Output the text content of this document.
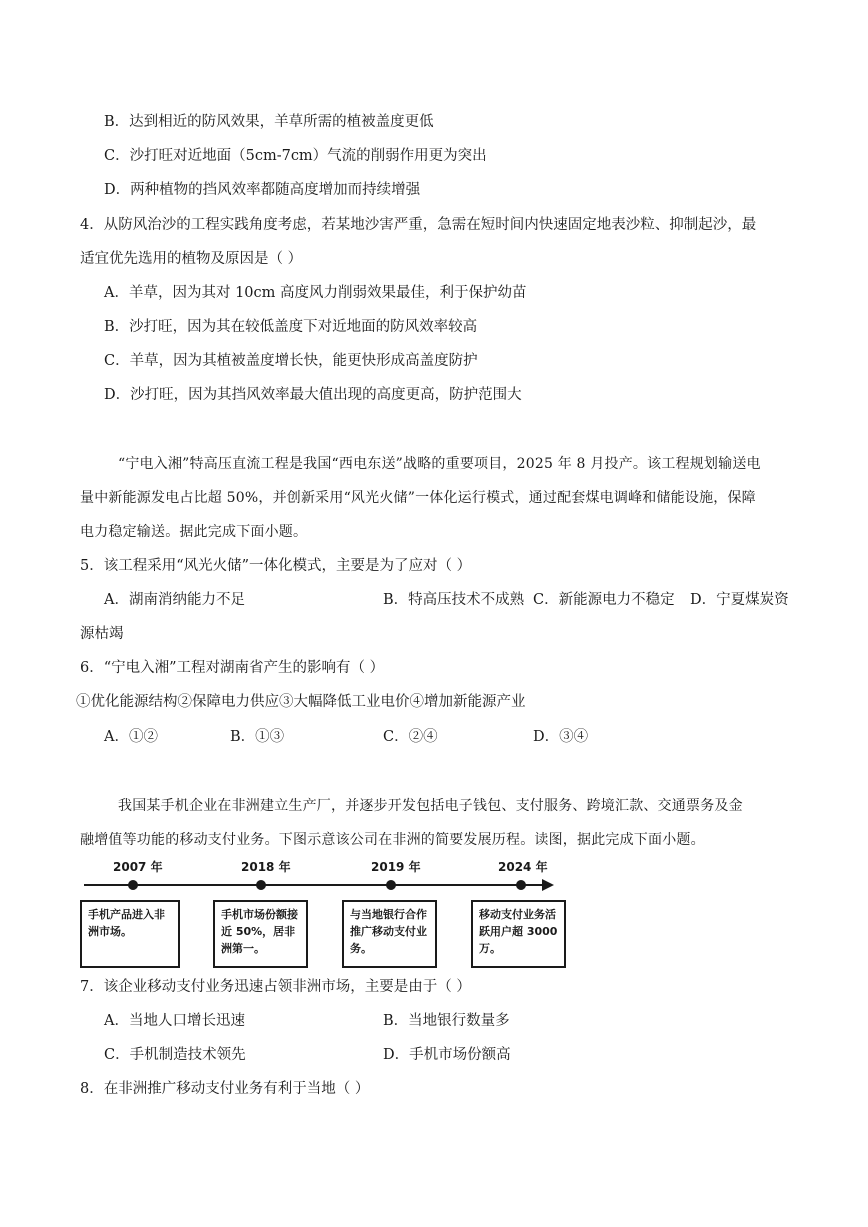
B．达到相近的防风效果，羊草所需的植被盖度更低
C．沙打旺对近地面（5cm-7cm）气流的削弱作用更为突出
D．两种植物的挡风效率都随高度增加而持续增强
4．从防风治沙的工程实践角度考虑，若某地沙害严重，急需在短时间内快速固定地表沙粒、抑制起沙，最
适宜优先选用的植物及原因是（ ）
A．羊草，因为其对 10cm 高度风力削弱效果最佳，利于保护幼苗
B．沙打旺，因为其在较低盖度下对近地面的防风效率较高
C．羊草，因为其植被盖度增长快，能更快形成高盖度防护
D．沙打旺，因为其挡风效率最大值出现的高度更高，防护范围大
“宁电入湘”特高压直流工程是我国“西电东送”战略的重要项目，2025 年 8 月投产。该工程规划输送电
量中新能源发电占比超 50%，并创新采用“风光火储”一体化运行模式，通过配套煤电调峰和储能设施，保障
电力稳定输送。据此完成下面小题。
5．该工程采用“风光火储”一体化模式，主要是为了应对（ ）
A．湖南消纳能力不足	B．特高压技术不成熟 C．新能源电力不稳定 D．宁夏煤炭资
源枯竭
6．“宁电入湘”工程对湖南省产生的影响有（ ）
①优化能源结构②保障电力供应③大幅降低工业电价④增加新能源产业
A．①②	B．①③	C．②④	D．③④
我国某手机企业在非洲建立生产厂，并逐步开发包括电子钱包、支付服务、跨境汇款、交通票务及金
融增值等功能的移动支付业务。下图示意该公司在非洲的简要发展历程。读图，据此完成下面小题。
2007 年	2018 年	2019 年	2024 年
手机产品进入非洲市场。
手机市场份额接近 50%，居非洲第一。
与当地银行合作推广移动支付业务。
移动支付业务活跃用户超 3000 万。
7．该企业移动支付业务迅速占领非洲市场，主要是由于（ ）
A．当地人口增长迅速	B．当地银行数量多
C．手机制造技术领先	D．手机市场份额高
8．在非洲推广移动支付业务有利于当地（ ）
